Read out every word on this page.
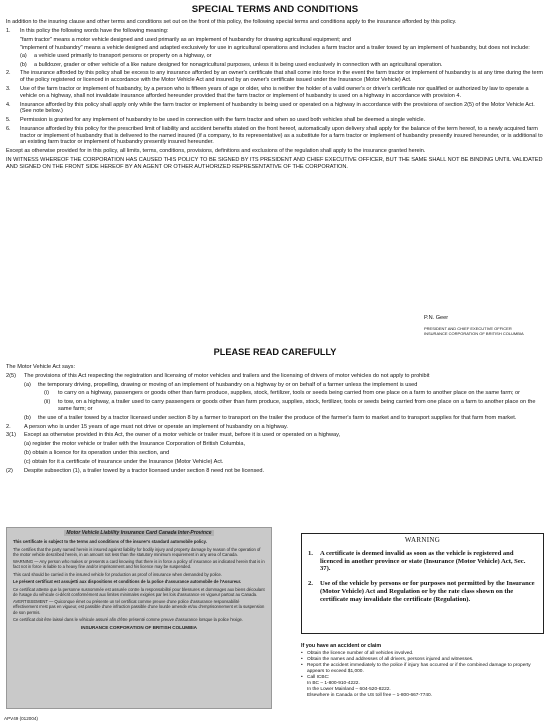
SPECIAL TERMS AND CONDITIONS

In addition to the insuring clause and other terms and conditions set out on the front of this policy, the following special terms and conditions apply to the insurance afforded by this policy.

1.	In this policy the following words have the following meaning:
"farm tractor" means a motor vehicle designed and used primarily as an implement of husbandry for drawing agricultural equipment; and
"implement of husbandry" means a vehicle designed and adapted exclusively for use in agricultural operations and includes a farm tractor and a trailer towed by an implement of husbandry, but does not include:
(a)	a vehicle used primarily to transport persons or property on a highway, or
(b)	a bulldozer, grader or other vehicle of a like nature designed for nonagricultural purposes, unless it is being used exclusively in connection with an agricultural operation.
2.	The insurance afforded by this policy shall be excess to any insurance afforded by an owner's certificate that shall come into force in the event the farm tractor or implement of husbandry is at any time during the term of the policy registered or licenced in accordance with the Motor Vehicle Act and insured by an owner's certificate issued under the Insurance (Motor Vehicle) Act.
3.	Use of the farm tractor or implement of husbandry, by a person who is fifteen years of age or older, who is neither the holder of a valid owner's or driver's certificate nor qualified or authorized by law to operate a vehicle on a highway, shall not invalidate insurance afforded hereunder provided that the farm tractor or implement of husbandry is used on a highway in accordance with provision 4.
4.	Insurance afforded by this policy shall apply only while the farm tractor or implement of husbandry is being used or operated on a highway in accordance with the provisions of section 2(5) of the Motor Vehicle Act. (See note below.)
5.	Permission is granted for any implement of husbandry to be used in connection with the farm tractor and when so used both vehicles shall be deemed a single vehicle.
6.	Insurance afforded by this policy for the prescribed limit of liability and accident benefits stated on the front hereof, automatically upon delivery shall apply for the balance of the term hereof, to a newly acquired farm tractor or implement of husbandry that is delivered to the named insured (if a company, to its representative) as a substitute for a farm tractor or implement of husbandry presently insured hereunder, or is additional to an existing farm tractor or implement of husbandry presently insured hereunder.

Except as otherwise provided for in this policy, all limits, terms, conditions, provisions, definitions and exclusions of the regulation shall apply to the insurance granted herein.

IN WITNESS WHEREOF THE CORPORATION HAS CAUSED THIS POLICY TO BE SIGNED BY ITS PRESIDENT AND CHIEF EXECUTIVE OFFICER, BUT THE SAME SHALL NOT BE BINDING UNTIL VALIDATED AND SIGNED ON THE FRONT SIDE HEREOF BY AN AGENT OR OTHER AUTHORIZED REPRESENTATIVE OF THE CORPORATION.

P.N. Geer
PRESIDENT AND CHIEF EXECUTIVE OFFICER
INSURANCE CORPORATION OF BRITISH COLUMBIA
PLEASE READ CAREFULLY
The Motor Vehicle Act says:
2(5)	The provisions of this Act respecting the registration and licensing of motor vehicles and trailers and the licensing of drivers of motor vehicles do not apply to prohibit
(a)	the temporary driving, propelling, drawing or moving of an implement of husbandry on a highway by or on behalf of a farmer unless the implement is used
(i)	to carry on a highway, passengers or goods other than farm produce, supplies, stock, fertilizer, tools or seeds being carried from one place on a farm to another place on the same farm; or
(ii)	to tow, on a highway, a trailer used to carry passengers or goods other than farm produce, supplies, stock, fertilizer, tools or seeds being carried from one place on a farm to another place on the same farm; or
(b)	the use of a trailer towed by a tractor licensed under section 8 by a farmer to transport on the trailer the produce of the farmer's farm to market and to transport supplies for that farm from market.
2.	A person who is under 15 years of age must not drive or operate an implement of husbandry on a highway.
3(1)	Except as otherwise provided in this Act, the owner of a motor vehicle or trailer must, before it is used or operated on a highway,
(a) register the motor vehicle or trailer with the Insurance Corporation of British Columbia,
(b) obtain a licence for its operation under this section, and
(c) obtain for it a certificate of insurance under the Insurance (Motor Vehicle) Act.
(2)	Despite subsection (1), a trailer towed by a tractor licensed under section 8 need not be licensed.
Motor Vehicle Liability Insurance Card Canada Inter-Province

This certificate is subject to the terms and conditions of the insurer's standard automobile policy.

The certifies that the party named herein is insured against liability for bodily injury and property damage by reason of the operation of the motor vehicle described herein, in an amount not less than the statutory minimum requirement in any area of Canada.

WARNING — Any person who makes or presents a card knowing that there is in force a policy of insurance as indicated herein that is in fact not in force is liable to a heavy fine and/or imprisonment and his licence may be suspended.

This card should be carried in the insured vehicle for production as proof of insurance when demanded by police.

Le présent certificat est assujetti aux dispositions et conditions de la police d'assurance automobile de l'Assureur.

Ce certificat atteste que la personne susnommée est assurée contre la responsabilité pour blessures et dommages aux biens découlant de l'usage du véhicule ci-décrit conformément aux limites minimales exigées par les lois d'assurance en vigueur partout au Canada.

AVERTISSEMENT — Quiconque émet ou présente un tel certificat comme preuve d'une police d'assurance responsabilité effectivement n'est pas en vigueur, est passible d'une infraction passible d'une lourde amende et/ou d'emprisonnement et la suspension de son permis.

Ce certificat doit être laissé dans le véhicule assuré afin d'être présenté comme preuve d'assurance lorsque la police l'exige.

INSURANCE CORPORATION OF BRITISH COLUMBIA
WARNING
1.	A certificate is deemed invalid as soon as the vehicle is registered and licenced in another province or state (Insurance (Motor Vehicle) Act, Sec. 37).
2.	Use of the vehicle by persons or for purposes not permitted by the Insurance (Motor Vehicle) Act and Regulation or by the rate class shown on the certificate may invalidate the certificate (Regulation).
If you have an accident or claim
• Obtain the licence number of all vehicles involved.
• Obtain the names and addresses of all drivers, persons injured and witnesses.
• Report the accident immediately to the police if injury has occurred or if the combined damage to property appears to exceed $1,000.
• Call ICBC:
In BC – 1-800-910-4222.
In the Lower Mainland – 604-520-8222.
Elsewhere in Canada or the US toll free – 1-800-667-7740.
APV49 (012004)
